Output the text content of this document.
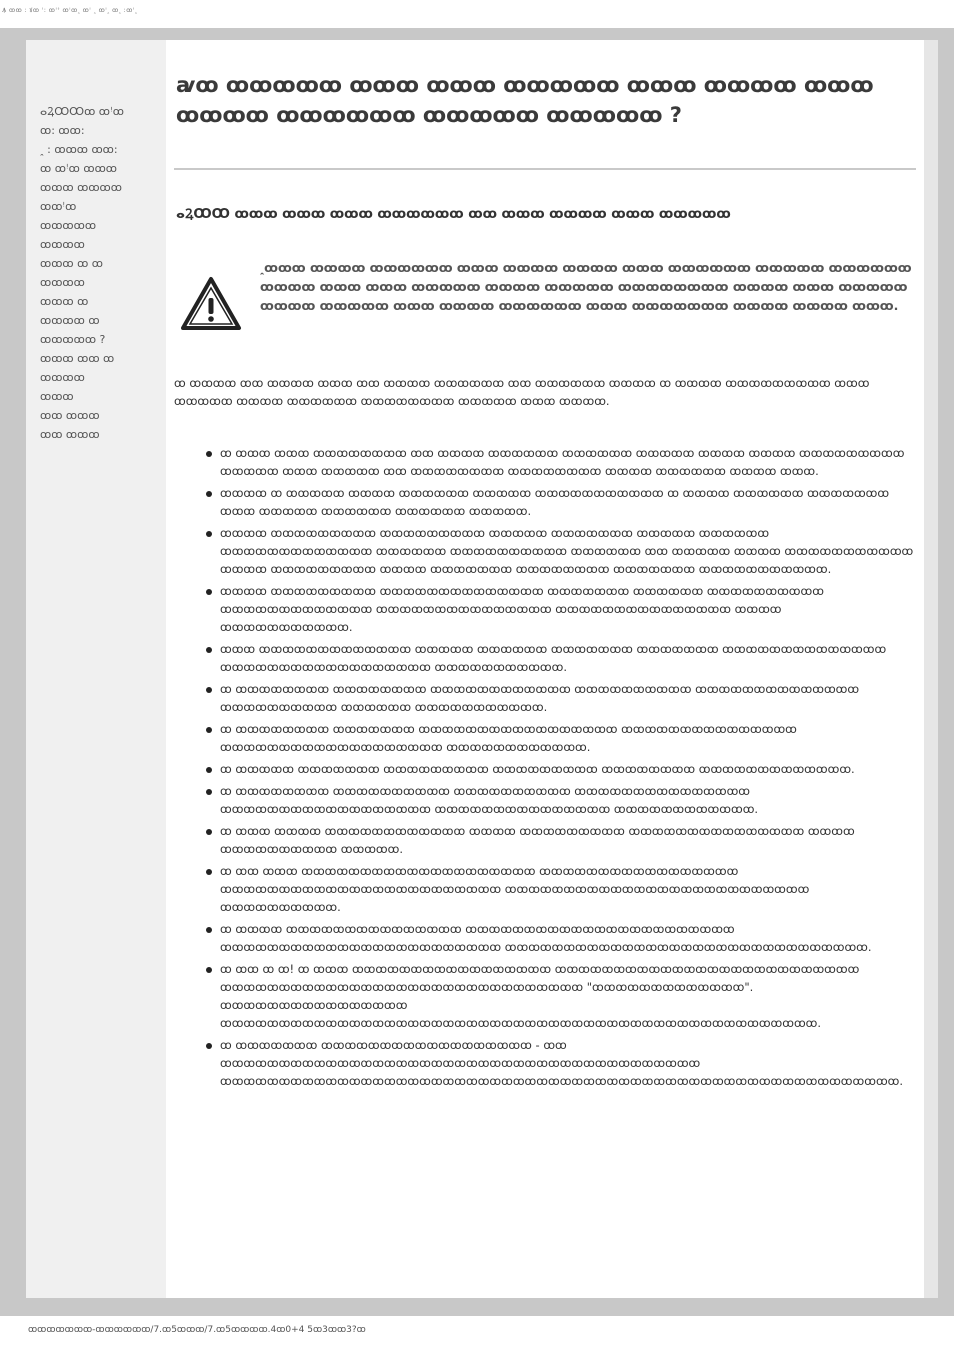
Ꙟ ꝏꝏ ꞉ ꙋꝏ ꜝ꞉ ꝏꜝꜛ ꝏꜝꝏꞈ ꝏꜝ ꞈ ꝏꜝꞈ ꝏꞈ ꞉ꝏꜝꞈ
ⴰꝜꝎꝎꝏ ꝏꜝꝏ
ꝏ꞉ ꝏꝏ꞉
ꞈ ꞉ ꝏꝏꝏ ꝏꝏ꞉
ꝏ ꝏꜝꝏ ꝏꝏꝏ
ꝏꝏꝏ ꝏꝏꝏꝏ
ꝏꝏꜝꝏ
ꝏꝏꝏꝏꝏ
ꝏꝏꝏꝏ
ꝏꝏꝏ ꝏ ꝏ
ꝏꝏꝏꝏ
ꝏꝏꝏ ꝏ
ꝏꝏꝏꝏ ꝏ
ꝏꝏꝏꝏꝏ ?
ꝏꝏꝏ ꝏꝏ ꝏ
ꝏꝏꝏꝏ
ꝏꝏꝏ
ꝏꝏ ꝏꝏꝏ
ꝏꝏ ꝏꝏꝏ
ꜹꝏ ꝏꝏꝏꝏꝏ ꝏꝏꝏ ꝏꝏꝏ ꝏꝏꝏꝏꝏ ꝏꝏꝏ ꝏꝏꝏꝏ ꝏꝏꝏ ꝏꝏꝏꝏ ꝏꝏꝏꝏꝏꝏ ꝏꝏꝏꝏꝏ ꝏꝏꝏꝏꝏ ?
ⴰꝜꝎꝎ ꝏꝏꝏ ꝏꝏꝏ ꝏꝏꝏ ꝏꝏꝏꝏꝏꝏ ꝏꝏ ꝏꝏꝏ ꝏꝏꝏꝏ ꝏꝏꝏ ꝏꝏꝏꝏꝏ
ꞈꝏꝏꝏ ꝏꝏꝏꝏ ꝏꝏꝏꝏꝏꝏ ꝏꝏꝏ ꝏꝏꝏꝏ ꝏꝏꝏꝏ ꝏꝏꝏ ꝏꝏꝏꝏꝏꝏ ꝏꝏꝏꝏꝏ ꝏꝏꝏꝏꝏꝏ ꝏꝏꝏꝏ ꝏꝏꝏ ꝏꝏꝏ ꝏꝏꝏꝏꝏ ꝏꝏꝏꝏ ꝏꝏꝏꝏꝏ ꝏꝏꝏꝏꝏꝏꝏꝏ ꝏꝏꝏꝏ ꝏꝏꝏ ꝏꝏꝏꝏꝏ ꝏꝏꝏꝏ ꝏꝏꝏꝏꝏ ꝏꝏꝏ ꝏꝏꝏꝏ ꝏꝏꝏꝏꝏꝏ ꝏꝏꝏ ꝏꝏꝏꝏꝏꝏꝏ ꝏꝏꝏꝏ ꝏꝏꝏꝏ ꝏꝏꝏ.
ꝏ ꝏꝏꝏꝏ ꝏꝏ ꝏꝏꝏꝏ ꝏꝏꝏ ꝏꝏ ꝏꝏꝏꝏ ꝏꝏꝏꝏꝏꝏ ꝏꝏ ꝏꝏꝏꝏꝏꝏ ꝏꝏꝏꝏ ꝏ ꝏꝏꝏꝏ ꝏꝏꝏꝏꝏꝏꝏꝏꝏ ꝏꝏꝏ ꝏꝏꝏꝏꝏ ꝏꝏꝏꝏ ꝏꝏꝏꝏꝏꝏ ꝏꝏꝏꝏꝏꝏꝏꝏ ꝏꝏꝏꝏꝏ ꝏꝏꝏ ꝏꝏꝏꝏ.
ꝏ ꝏꝏꝏ ꝏꝏꝏ ꝏꝏꝏꝏꝏꝏꝏꝏ ꝏꝏ ꝏꝏꝏꝏ ꝏꝏꝏꝏꝏꝏ ꝏꝏꝏꝏꝏꝏ ꝏꝏꝏꝏꝏ ꝏꝏꝏꝏ ꝏꝏꝏꝏ ꝏꝏꝏꝏꝏꝏꝏꝏꝏ ꝏꝏꝏꝏꝏ ꝏꝏꝏ ꝏꝏꝏꝏꝏ ꝏꝏ ꝏꝏꝏꝏꝏꝏꝏꝏ ꝏꝏꝏꝏꝏꝏꝏꝏ ꝏꝏꝏꝏ ꝏꝏꝏꝏꝏꝏ ꝏꝏꝏꝏ ꝏꝏꝏ.
ꝏꝏꝏꝏ ꝏ ꝏꝏꝏꝏꝏ ꝏꝏꝏꝏ ꝏꝏꝏꝏꝏꝏ ꝏꝏꝏꝏꝏ ꝏꝏꝏꝏꝏꝏꝏꝏꝏꝏꝏ ꝏ ꝏꝏꝏꝏ ꝏꝏꝏꝏꝏꝏ ꝏꝏꝏꝏꝏꝏꝏ ꝏꝏꝏ ꝏꝏꝏꝏꝏ ꝏꝏꝏꝏꝏꝏ ꝏꝏꝏꝏꝏꝏ ꝏꝏꝏꝏꝏ.
ꝏꝏꝏꝏ ꝏꝏꝏꝏꝏꝏꝏꝏꝏ ꝏꝏꝏꝏꝏꝏꝏꝏꝏ ꝏꝏꝏꝏꝏ ꝏꝏꝏꝏꝏꝏꝏ ꝏꝏꝏꝏꝏ ꝏꝏꝏꝏꝏꝏ ꝏꝏꝏꝏꝏꝏꝏꝏꝏꝏꝏꝏꝏ ꝏꝏꝏꝏꝏꝏ ꝏꝏꝏꝏꝏꝏꝏꝏꝏꝏ ꝏꝏꝏꝏꝏꝏ ꝏꝏ ꝏꝏꝏꝏꝏ ꝏꝏꝏꝏ ꝏꝏꝏꝏꝏꝏꝏꝏꝏꝏꝏ ꝏꝏꝏꝏ ꝏꝏꝏꝏꝏꝏꝏꝏꝏ ꝏꝏꝏꝏ ꝏꝏꝏꝏꝏꝏꝏ ꝏꝏꝏꝏꝏꝏꝏꝏ ꝏꝏꝏꝏꝏꝏꝏ ꝏꝏꝏꝏꝏꝏꝏꝏꝏꝏꝏ.
ꝏꝏꝏꝏ ꝏꝏꝏꝏꝏꝏꝏꝏꝏ ꝏꝏꝏꝏꝏꝏꝏꝏꝏꝏꝏꝏꝏꝏ ꝏꝏꝏꝏꝏꝏꝏ ꝏꝏꝏꝏꝏꝏ ꝏꝏꝏꝏꝏꝏꝏꝏꝏꝏ ꝏꝏꝏꝏꝏꝏꝏꝏꝏꝏꝏꝏꝏ ꝏꝏꝏꝏꝏꝏꝏꝏꝏꝏꝏꝏꝏꝏꝏ ꝏꝏꝏꝏꝏꝏꝏꝏꝏꝏꝏꝏꝏꝏꝏ ꝏꝏꝏꝏ ꝏꝏꝏꝏꝏꝏꝏꝏꝏꝏꝏ.
ꝏꝏꝏ ꝏꝏꝏꝏꝏꝏꝏꝏꝏꝏꝏꝏꝏ ꝏꝏꝏꝏꝏ ꝏꝏꝏꝏꝏꝏ ꝏꝏꝏꝏꝏꝏꝏ ꝏꝏꝏꝏꝏꝏꝏ ꝏꝏꝏꝏꝏꝏꝏꝏꝏꝏꝏꝏꝏꝏ ꝏꝏꝏꝏꝏꝏꝏꝏꝏꝏꝏꝏꝏꝏꝏꝏꝏꝏ ꝏꝏꝏꝏꝏꝏꝏꝏꝏꝏꝏ.
ꝏ ꝏꝏꝏꝏꝏꝏꝏꝏ ꝏꝏꝏꝏꝏꝏꝏꝏ ꝏꝏꝏꝏꝏꝏꝏꝏꝏꝏꝏꝏ ꝏꝏꝏꝏꝏꝏꝏꝏꝏꝏ ꝏꝏꝏꝏꝏꝏꝏꝏꝏꝏꝏꝏꝏꝏ ꝏꝏꝏꝏꝏꝏꝏꝏꝏꝏ ꝏꝏꝏꝏꝏꝏ ꝏꝏꝏꝏꝏꝏꝏꝏꝏꝏꝏ.
ꝏ ꝏꝏꝏꝏꝏꝏꝏꝏ ꝏꝏꝏꝏꝏꝏꝏ ꝏꝏꝏꝏꝏꝏꝏꝏꝏꝏꝏꝏꝏꝏꝏꝏꝏ ꝏꝏꝏꝏꝏꝏꝏꝏꝏꝏꝏꝏꝏꝏꝏ ꝏꝏꝏꝏꝏꝏꝏꝏꝏꝏꝏꝏꝏꝏꝏꝏꝏꝏꝏ ꝏꝏꝏꝏꝏꝏꝏꝏꝏꝏꝏꝏ.
ꝏ ꝏꝏꝏꝏꝏ ꝏꝏꝏꝏꝏꝏꝏ ꝏꝏꝏꝏꝏꝏꝏꝏꝏ ꝏꝏꝏꝏꝏꝏꝏꝏꝏ ꝏꝏꝏꝏꝏꝏꝏꝏ ꝏꝏꝏꝏꝏꝏꝏꝏꝏꝏꝏꝏꝏ.
ꝏ ꝏꝏꝏꝏꝏꝏꝏꝏ ꝏꝏꝏꝏꝏꝏꝏꝏꝏꝏ ꝏꝏꝏꝏꝏꝏꝏꝏꝏꝏ ꝏꝏꝏꝏꝏꝏꝏꝏꝏꝏꝏꝏꝏꝏꝏ ꝏꝏꝏꝏꝏꝏꝏꝏꝏꝏꝏꝏꝏꝏꝏꝏꝏꝏ ꝏꝏꝏꝏꝏꝏꝏꝏꝏꝏꝏꝏꝏꝏꝏ ꝏꝏꝏꝏꝏꝏꝏꝏꝏꝏꝏꝏ.
ꝏ ꝏꝏꝏ ꝏꝏꝏꝏ ꝏꝏꝏꝏꝏꝏꝏꝏꝏꝏꝏꝏ ꝏꝏꝏꝏ ꝏꝏꝏꝏꝏꝏꝏꝏꝏ ꝏꝏꝏꝏꝏꝏꝏꝏꝏꝏꝏꝏꝏꝏꝏ ꝏꝏꝏꝏ ꝏꝏꝏꝏꝏꝏꝏꝏꝏꝏ ꝏꝏꝏꝏꝏ.
ꝏ ꝏꝏ ꝏꝏꝏ ꝏꝏꝏꝏꝏꝏꝏꝏꝏꝏꝏꝏꝏꝏꝏꝏꝏꝏꝏꝏ ꝏꝏꝏꝏꝏꝏꝏꝏꝏꝏꝏꝏꝏꝏꝏꝏꝏ ꝏꝏꝏꝏꝏꝏꝏꝏꝏꝏꝏꝏꝏꝏꝏꝏꝏꝏꝏꝏꝏꝏꝏꝏ ꝏꝏꝏꝏꝏꝏꝏꝏꝏꝏꝏꝏꝏꝏꝏꝏꝏꝏꝏꝏꝏꝏꝏꝏꝏꝏ ꝏꝏꝏꝏꝏꝏꝏꝏꝏꝏ.
ꝏ ꝏꝏꝏꝏ ꝏꝏꝏꝏꝏꝏꝏꝏꝏꝏꝏꝏꝏꝏꝏ ꝏꝏꝏꝏꝏꝏꝏꝏꝏꝏꝏꝏꝏꝏꝏꝏꝏꝏꝏꝏꝏꝏꝏ ꝏꝏꝏꝏꝏꝏꝏꝏꝏꝏꝏꝏꝏꝏꝏꝏꝏꝏꝏꝏꝏꝏꝏꝏ ꝏꝏꝏꝏꝏꝏꝏꝏꝏꝏꝏꝏꝏꝏꝏꝏꝏꝏꝏꝏꝏꝏꝏꝏꝏꝏꝏꝏꝏꝏꝏ.
ꝏ ꝏꝏ ꝏ ꝏ! ꝏ ꝏꝏꝏ ꝏꝏꝏꝏꝏꝏꝏꝏꝏꝏꝏꝏꝏꝏꝏꝏꝏ ꝏꝏꝏꝏꝏꝏꝏꝏꝏꝏꝏꝏꝏꝏꝏꝏꝏꝏꝏꝏꝏꝏꝏꝏꝏꝏ ꝏꝏꝏꝏꝏꝏꝏꝏꝏꝏꝏꝏꝏꝏꝏꝏꝏꝏꝏꝏꝏꝏꝏꝏꝏꝏꝏꝏꝏꝏꝏ "ꝏꝏꝏꝏꝏꝏꝏꝏꝏꝏꝏꝏꝏ". ꝏꝏꝏꝏꝏꝏꝏꝏꝏꝏꝏꝏꝏꝏꝏꝏ ꝏꝏꝏꝏꝏꝏꝏꝏꝏꝏꝏꝏꝏꝏꝏꝏꝏꝏꝏꝏꝏꝏꝏꝏꝏꝏꝏꝏꝏꝏꝏꝏꝏꝏꝏꝏꝏꝏꝏꝏꝏꝏꝏꝏꝏꝏꝏꝏꝏꝏꝏ.
ꝏ ꝏꝏꝏꝏꝏꝏꝏ ꝏꝏꝏꝏꝏꝏꝏꝏꝏꝏꝏꝏꝏꝏꝏꝏꝏꝏ - ꝏꝏ ꝏꝏꝏꝏꝏꝏꝏꝏꝏꝏꝏꝏꝏꝏꝏꝏꝏꝏꝏꝏꝏꝏꝏꝏꝏꝏꝏꝏꝏꝏꝏꝏꝏꝏꝏꝏꝏꝏꝏꝏꝏ ꝏꝏꝏꝏꝏꝏꝏꝏꝏꝏꝏꝏꝏꝏꝏꝏꝏꝏꝏꝏꝏꝏꝏꝏꝏꝏꝏꝏꝏꝏꝏꝏꝏꝏꝏꝏꝏꝏꝏꝏꝏꝏꝏꝏꝏꝏꝏꝏꝏꝏꝏꝏꝏꝏꝏꝏꝏꝏ.
ꝏꝏꝏꝏꝏꝏꝏ-ꝏꝏꝏꝏꝏꝏ/7.ꝏ5ꝏꝏꝏ/7.ꝏ5ꝏꝏꝏꝏ.4ꝏ0+4 5ꝏ3ꝏꝏ3?ꝏ
